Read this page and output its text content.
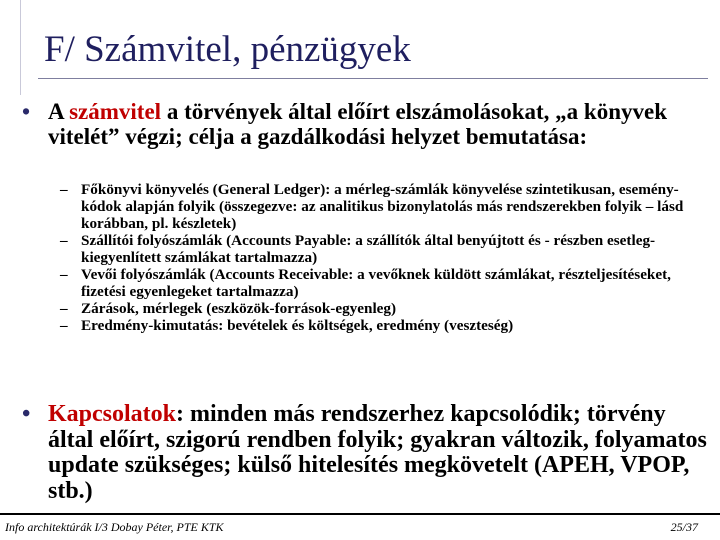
F/ Számvitel, pénzügyek
• A számvitel a törvények által előírt elszámolásokat, „a könyvek vitelét” végzi; célja a gazdálkodási helyzet bemutatása:

– Főkönyvi könyvelés (General Ledger): a mérleg-számlák könyvelése szintetikusan, esemény-kódok alapján folyik (összegezve: az analitikus bizonylatolás más rendszerekben folyik – lásd korábban, pl. készletek)

– Szállítói folyószámlák (Accounts Payable: a szállítók által benyújtott és - részben esetleg- kiegyenlített számlákat tartalmazza)

– Vevői folyószámlák (Accounts Receivable: a vevőknek küldött számlákat, részteljesítéseket, fizetési egyenlegeket tartalmazza)

– Zárások, mérlegek (eszközök-források-egyenleg)

– Eredmény-kimutatás: bevételek és költségek, eredmény (veszteség)

• Kapcsolatok: minden más rendszerhez kapcsolódik; törvény által előírt, szigorú rendben folyik; gyakran változik, folyamatos update szükséges; külső hitelesítés megkövetelt (APEH, VPOP, stb.)
Info architektúrák I/3 Dobay Péter, PTE KTK	25/37
